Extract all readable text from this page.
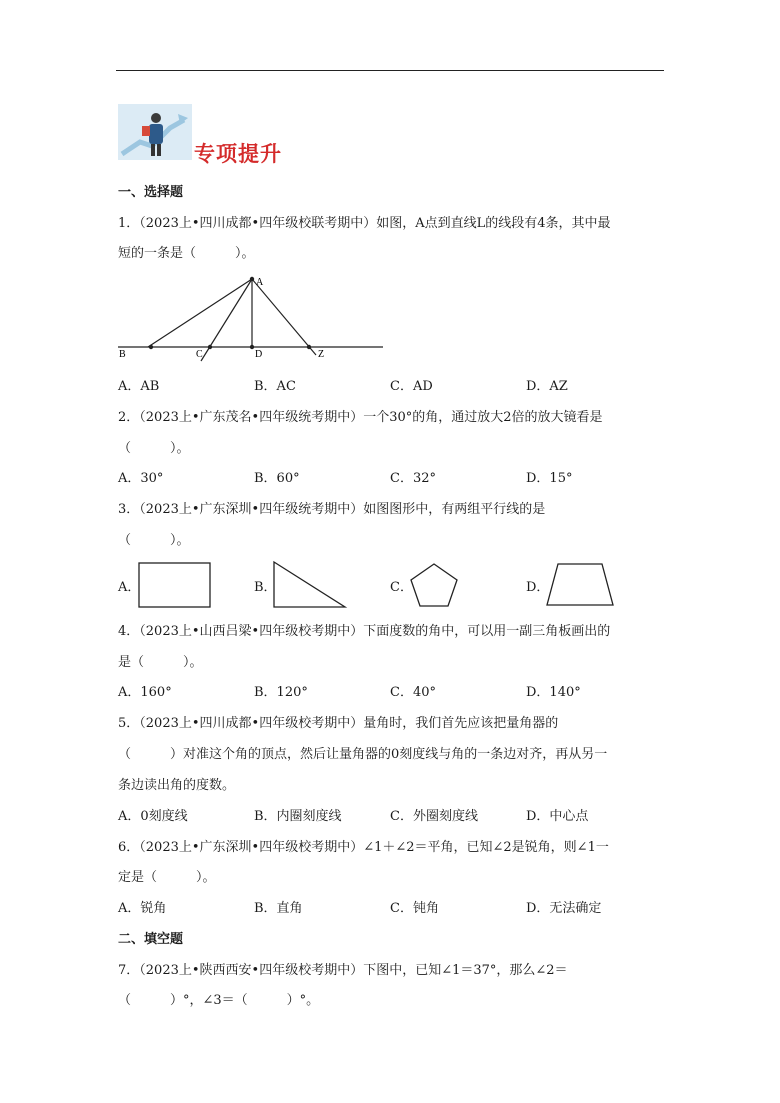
专项提升
一、选择题
1．（2023上•四川成都•四年级校联考期中）如图，A点到直线L的线段有4条，其中最
短的一条是（　　　）。
A
B	C	D	Z
A．AB	B．AC	C．AD	D．AZ
2．（2023上•广东茂名•四年级统考期中）一个30°的角，通过放大2倍的放大镜看是
（　　　）。
A．30°	B．60°	C．32°	D．15°
3．（2023上•广东深圳•四年级统考期中）如图图形中，有两组平行线的是
（　　　）。
A．	B．	C．	D．
4．（2023上•山西吕梁•四年级校考期中）下面度数的角中，可以用一副三角板画出的
是（　　　）。
A．160°	B．120°	C．40°	D．140°
5．（2023上•四川成都•四年级校考期中）量角时，我们首先应该把量角器的
（　　　）对准这个角的顶点，然后让量角器的0刻度线与角的一条边对齐，再从另一
条边读出角的度数。
A．0刻度线	B．内圈刻度线	C．外圈刻度线	D．中心点
6．（2023上•广东深圳•四年级校考期中）∠1＋∠2＝平角，已知∠2是锐角，则∠1一
定是（　　　）。
A．锐角	B．直角	C．钝角	D．无法确定
二、填空题
7．（2023上•陕西西安•四年级校考期中）下图中，已知∠1＝37°，那么∠2＝
（　　　）°，∠3＝（　　　）°。
